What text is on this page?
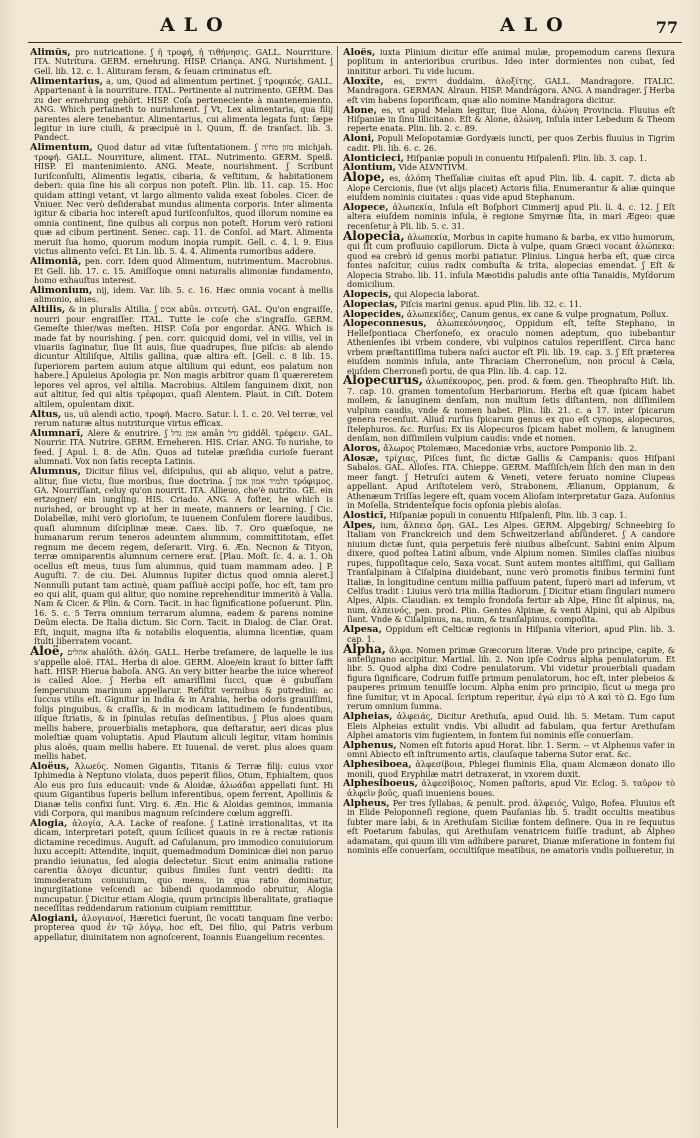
ALO	ALO	77

Alimŭs, pro nutricatione. ʃ ἡ τροφή, ἡ τιθήνησις. GALL. Nourriture. ITA. Nutritura. GERM. ernehrung. HISP. Criança. ANG. Nurishment. ʃ Gell. lib. 12. c. 1. Alituram feram, & ſeuam criminatus eſt.

Alimentarius, a, um, Quod ad alimentum pertinet. ʃ τροφικός. GALL. Appartenant à la nourriture. ITAL. Pertinente al nutrimento. GERM. Das zu der ernehrung gehört. HISP. Coſa perteneciente à mantenemiento. ANG. Which pertaineth to nurishment. ʃ Vt, Lex alimentaria, qua filij parentes alere tenebantur. Alimentarius, cui alimenta legata ſunt: ſæpe legitur in iure ciuili, & præcipuè in l. Quum, ff. de tranſact. lib. 3. Pandect.

Alimentum, Quod datur ad vitæ ſuſtentationem. ʃ מזון מחיה michjah. τροφή. GALL. Nourriture, aliment. ITAL. Nutrimento. GERM. Speiß. HISP. El mantenimiento. ANG. Meate, nourishment. ʃ Scribunt Iuriſconſulti, Alimentis legatis, cibaria, & veſtitum, & habitationem deberi: quia ſine his ali corpus non poteſt. Plin. lib. 11. cap. 15. Hoc quidam attingi vetant, vt largo alimento valida exeat ſoboles. Cicer. de Vniuer. Nec verò deſiderabat mundus alimenta corporis. Inter alimenta igitur & cibaria hoc intereſt apud Iuriſconſultos, quod illorum nomine ea omnia continent, ſine quibus ali corpus non poteſt. Horum verò rationi quæ ad cibum pertinent. Senec. cap. 11. de Conſol. ad Mart. Alimenta meruit ſua homo, quorum modum inopia rumpit. Gell. c. 4. l. 9. Eius victus alimento veſci. Et Lin. lib. 5. 4. 4. Alimenta rumoribus addere.

Alimoniă, pen. corr. Idem quod Alimentum, nutrimentum. Macrobius. Et Gell. lib. 17. c. 15. Amiſſoque omni naturalis alimoniæ fundamento, homo exhauſtus interest.

Alimonium, nij, idem. Var. lib. 5. c. 16. Hæc omnia vocant à mellis alimonio, alues.

Altilis, & in pluralis Altilia. ʃ אבוס abūs. σιτευτή. GAL. Qu'on engraiſſe, nourri pour engraiſſer. ITAL. Tutte le coſe che s'ingraſſo. GERM. Gemeſte thier/was meſten. HISP. Coſa por engordar. ANG. Which is made fat by nourishing. ʃ pen. corr. quicquid domi, vel in villis, vel in viuariis ſaginatur, ſiue ſit auis, ſiue quadrupes, ſiue piſcis: ab alendo dicuntur Altiliſque, Altilis gallina, quæ altira eſt. [Gell. c. 8 lib. 15. ſuperiorem partem auium atque altilium qui edunt, eos palatum non habere.] Apuleius Apologia pr. Non magis arbitror quam ſi quæreretem lepores vel apros, vel altilia. Macrobius. Altilem ſanguinem dixit, non aut altitur, ſed qui altis τρέφομαι, quaſi Alentem. Plaut. in Ciſt. Dotem altilem, opulentam dixit.

Altus, us, uũ alendi actio, τροφή. Macro. Satur. l. 1. c. 20. Vel terræ, vel rerum naturæ altus nutriturque virtus efficax.

Alumnarĭ, Alere & enutrire. ʃ אמן גדל amān גדל gidděl. τρέφειν. GAL. Nourrir. ITA. Nutrire. GERM. Erneheren. HIS. Criar. ANG. To nurishe, to feed. ʃ Apul. l. 8. de Aſin. Quos ad tutelæ præſidia curioſe fuerant alumnati. Vox non ſatis recepta Latinis.

Alumnus, Dicitur filius vel, diſcipulus, qui ab aliquo, velut a patre, alitur, ſiue victu, ſiue moribus, ſiue doctrina. ʃ תלמיד אמון אמן τρόφιμος. GA. Nourriſſant, celuy qu'on nourrit. ITA. Allieuo, che'è nutrito. GE. ein ertzogner/ ein iungling. HIS. Criado. ANG. A foſter, he which is nurished, or brought vp at her in meate, manners or learning. ʃ Cic. Dolabellæ, mihi verò glorioſum, te iuuenem Conſulem florere laudibus, quaſi alumnum diſciplinæ meæ. Caes. lib. 7. Oro quæſoque, ne humanarum rerum teneros adeuntem alumnum, committitotam, eſſet regnum me decem regem, deſerarit. Virg. 6. Æn. Necnon & Tityon, terræ omniparentis alumnum cernere erat. [Plau. Moſt. ſc. 4. a. 1. Oh ocellus eſt meus, tuus ſum alumnus, quid tuam mammam adeo. ] P. Auguſti. 7. de ciu. Dei. Alumnus Iupiter dictus quod omnia aleret.] Nonnulli putant tam actiuè, quam paſſiuè accipi poſſe, hoc eſt, tam pro eo qui alit, quam qui alitur, quo nomine reprehenditur immeritò à Valla. Nam & Cicer. & Plin. & Corn. Tacit. in hac ſignificatione poſuerunt. Plin. 16. 5. c. 5 Terra omnium terrarum alumna, eadem & parens nomine Deûm electa. De Italia dictum. Sic Corn. Tacit. in Dialog. de Clar. Orat. Eſt, inquit, magna iſta & notabilis eloquentia, alumna licentiæ, quam ſtulti liberratem vocant.

Aloë, אהלים ahalōth. ἀλόη. GALL. Herbe treſamere, de laquelle le ius s'appelle aloë. ITAL. Herba di aloe. GERM. Aloe/ein kraut ſo bitter ſafft hatt. HISP. Hierua baboſa. ANG. An very bitter hearbe the iuice whereof is called Aloe. ʃ Herba eſt amariſſimi ſucci, quæ è gubuſſam ſemperuiuum marinum appellarur. Refiſtit vermibus & putredini: ac ſuccus vtilis eſt. Gignitur in India & in Arabia, herba odoris grauiſſimi, folijs pinguibus, & craſſis, & in modicam latitudinem ſe fundentibus, iiſque ſtriatis, & in ſpinulas retuſas deſinentibus. ʃ Plus aloes quam mellis habere, prouerbialis metaphora, qua deſtaratur, aeri dicas plus moleſtiæ quam voluptatis. Apud Plautum aliculi legitur, vitam hominis plus aloës, quam mellis habere. Et Iuuenal. de veret. plus aloes quam mellis habet.

Aloëus, Ἀλωεύς. Nomen Gigantis, Titanis & Terræ filij: cuius vxor Iphimedia à Neptuno violata, duos peperit filios, Otum, Ephialtem, quos Alo eus pro ſuis educauit: vnde & Aloidæ, ἀλωάδαι appellati ſunt. Hi quum Gigantibus ſuperis bellum inferentibus, opem ferrent, Apollinis & Dianæ telis confixi ſunt. Virg. 6. Æn. Hic & Aloidas geminos, immania vidi Corpora, qui manibus magnum reſcindere cœlum aggreſſi.

Alogia, ἀλογία, A.A. Lacke of reaſone. ʃ Latinè irrationalitas, vt ita dicam, interpretari poteſt, quum ſcilicet quauis in re à rectæ rationis dictamine recedimus. Auguſt. ad Caſulanum, pro immodico conuiuiorum luxu accepit: Attendite, inquit, quemadmodum Dominicæ diei non paruo prandio ieiunatus, ſed alogia delectetur. Sicut enim animalia ratione carentia ἄλογα dicuntur, quibus ſimiles ſunt ventri dediti: ita immoderatum conuiuium, quo mens, in qua ratio dominatur, ingurgitatione veſcendi ac bibendi quodammodo obruitur, Alogia nuncupatur. ʃ Dicitur etiam Alogia, quum principis liberalitate, gratiaque neceſſitas reddendarum rationum cuipiam remittitur.

Alogiani, ἀλογιανοί, Hæretici fuerunt, ſic vocati tanquam ſine verbo: propterea quod ἐν τῷ λόγῳ, hoc eſt, Dei filio, qui Patris verbum appellatur, diuinitatem non agnoſcerent, Ioannis Euangelium recentes.

Aloës, iuxta Plinium dicitur eſſe animal mulæ, propemodum carens ſlexura poplitum in anterioribus cruribus. Ideo inter dormientes non cubat, ſed innititur arbori. Tu vide lucum.

Aloxĭte, es, דודאים duddaim. ἀλοξίτης. GALL. Mandragore. ITALIC. Mandragora. GERMAN. Alraun. HISP. Mandrágora. ANG. A mandrager. ʃ Herba eſt vim habens ſoporificam, quæ alio nomine Mandragora dicitur.

Alone, es, vt apud Melam legitur, ſiue Alona, ἀλώνη Provincia. Fluuius eſt Hiſpaniæ in ſinu Illicitano. Eſt & Alone, ἀλώνη, Inſula inter Lebedum & Theom reperte enata. Plin. lib. 2. c. 89.

Aloni, Populi Meſopotamiæ Gordyæis iuncti, per quos Zerbis fluuius in Tigrim cadit. Pli. lib. 6. c. 26.

Alonticieci, Hiſpaniæ populi in conuentu Hiſpalenſi. Plin. lib. 3. cap. 1.

Alontium, Vide ALVNTIVM.

Alope, es, ἀλόπη Theſſaliæ ciuitas eſt apud Plin. lib. 4. capit. 7. dicta ab Alope Cercionis, ſiue (vt alijs placet) Actoris filia. Enumerantur & aliæ quinque eiuſdem nominis ciuitates : quas vide apud Stephanum.

Alopece, ἀλωπεκία, Inſula eſt Boſphori Cimmerij apud Pli. li. 4. c. 12. ʃ Eſt altera eiuſdem nominis inſula, è regione Smyrnæ ſita, in mari Ægeo: quæ recenſetur à Pli. lib. 5. c. 31.

Alopecia, ἀλωπεκία, Morbus in capite humano & barba, ex vitio humorum, qui ſit cum profluuio capillorum. Dicta à vulpe, quam Græci vocant ἀλώπεκα: quod ea crebrò id genus morbi patiatur. Plinius. Lingua herba eſt, quæ circa fontes naſcitur, cuius radix combuſta & trita, alopecias emendat. ʃ Eſt & Alopecia Strabo. lib. 11. inſula Mæotidis paludis ante oſtia Tanaidis, Myſdorum domicilium.

Alopecis, qui Alopecia laborat.

Alopecias, Piſcis marini genus. apud Plin. lib. 32. c. 11.

Alopecides, ἀλωπεκίδες, Canum genus, ex cane & vulpe prognatum, Pollux.

Alopeconnesus, ἀλωπεκόννησος, Oppidum eſt, teſte Stephano, in Helleſpontiaca Cherſoneſo, ex oraculo nomen adeptum, quo iubebantur Athenienſes ibi vrbem condere, vbi vulpinos catulos reperiſſent. Circa hanc vrbem præſtantiſſima tubera naſci auctor eſt Pli. lib. 19. cap. 3. ʃ Eſt præterea eiuſdem nominis inſula, ante Thraciam Cherroneſum, non procul à Cæla, eiuſdem Cherroneſi portu, de qua Plin. lib. 4. cap. 12.

Alopecurus, ἀλωπέκουρος, pen. prod. & fœm. gen. Theophraſto Hiſt. lib. 7. cap. 10. gramen tomentoſum Herbariorum. Herba eſt quæ ſpicam habet mollem, & lanuginem denſam, non multum ſetis diſtantem, non diſſimilem vulpium caudis, vnde & nomen habet. Plin. lib. 21. c. a 17. inter ſpicarum genera recenſuit. Aliud rurſus ſpicarum genus ex quo eſt cynops, alopecuros, ſtelephuros. &c. Rurſus: Ex iis Alopecuros ſpicam habet mollem, & lanuginem denſam, non diſſimilem vulpium caudis: vnde et nomen.

Aloros, ἄλωρος Ptolemæo, Macedoniæ vrbs, auctore Pomponio lib. 2.

Alosæ, τρίχιας, Piſces ſunt, ſic dictæ Gallis & Campanis: quos Hiſpani Sabalos. GAL. Alloſes. ITA. Chieppe. GERM. Maſſiſch/ein ſiſch den man in den meer fangt. ʃ Hetruſci autem & Veneti, vetere feruato nomine Clupeas appellant. Apud Ariſtotelem verò, Strabonem, Ælianum, Oppianum, & Athenæum Triſſas legere eſt, quam vocem Alioſam interpretatur Gaza. Auſonius in Moſella, Stridenteſque focis opſonia plebis aloſas.

Alosticĭ, Hiſpaniæ populi in conuentu Hiſpalenſi, Plin. lib. 3 cap. 1.

Alpes, ium, ἄλπεια ὄρη. GAL. Les Alpes. GERM. Alpgebirg/ Schneebirg ſo Italiam von Franckreich und dem Schweitzerland abſünderet. ʃ A candore niuium dictæ ſunt, quia perpetuis ferè niuibus albeſcunt. Sabini enim Alpum dixere, quod poſtea Latini album, vnde Alpium nomen. Similes claſſas niuibus rupes, ſuppoſitaque celo, Saxa vocat. Sunt autem montes altiſſimi, qui Galliam Tranſalpinam à Ciſalpina diuidebant, nunc verò promotis finibus termini ſunt Italiæ, In longitudine centum millia paſſuum patent, ſuperò mari ad inferum, vt Celſus tradit : Liuius verò tria millia ſtadiorum. ʃ Dicitur etiam ſingulari numero Alpes, Alpis. Claudian. ex templo frondoſa fertur ab Alpe, Hinc ſit alpinus, na, num, ἀλπεινός, pen. prod. Plin. Gentes Alpinæ, & venti Alpini, qui ab Alpibus ſiant. Vnde & Ciſalpinus, na, num, & tranſalpinus, compoſita.

Alpesa, Oppidum eſt Celticæ regionis in Hiſpania vlteriori, apud Plin. lib. 3. cap. 1.

Alpha, ἄλφα. Nomen primæ Græcorum literæ. Vnde pro principe, capite, & anteſignano accipitur. Martial. lib. 2. Non ipſe Codrus alpha penulatorum. Et libr. 5. Quod alpha dixi Codre penulatorum. Vbi videtur prouerbiali quadam figura ſignificare, Codrum fuiſſe primum penulatorum, hoc eſt, inter plebeios & pauperes primum tenuiſſe locum. Alpha enim pro principio, ſicut ω mega pro fine ſumitur, vt in Apocal. ſcriptum reperitur, ἐγώ εἰμι τὸ Α καὶ τὸ Ω. Ego ſum rerum omnium ſumma.

Alpheias, ἀλφειάς, Dicitur Arethuſa, apud Ouid. lib. 5. Metam. Tum caput Eleis Alpheias extulit vndis. Vbi alludit ad fabulam, qua fertur Arethuſam Alphei amatoris vim fugientem, in fontem ſui nominis eſſe conuerſam.

Alphenus, Nomen eſt futoris apud Horat. libr. 1. Serm. -- vt Alphenus vafer in omni Abiecto eſt inſtrumento artis, clauſaque taberna Sutor erat. &c.

Alphesiboea, ἀλφεσίβοια, Phlegei fluminis Elia, quam Alcmæon donato illo monili, quod Eryphilæ matri detraxerat, in vxorem duxit.

Alphesiboeus, ἀλφεσίβοιος, Nomen paſtoris, apud Vir. Eclog. 5. ταῦρον τὸ ἀλφεῖν βοῦς, quaſi inueniens boues.

Alpheus, Per tres ſyllabas, & penult. prod. ἀλφειός, Vulgo, Rofea. Fluuius eſt in Elide Peloponneſi regione, quem Pauſanias lib. 5. tradit occultis meatibus ſubter mare labi, & in Arethuſam Siciliæ fontem deſinere. Qua in re ſequutus eſt Poetarum fabulas, qui Arethuſam venatricem fuiſſe tradunt, ab Alpheo adamatam, qui quum illi vim adhibere pararet, Dianæ miſeratione in fontem ſui nominis eſſe conuerſam, occultiſque meatibus, ne amatoris vndis pollueretur, in
